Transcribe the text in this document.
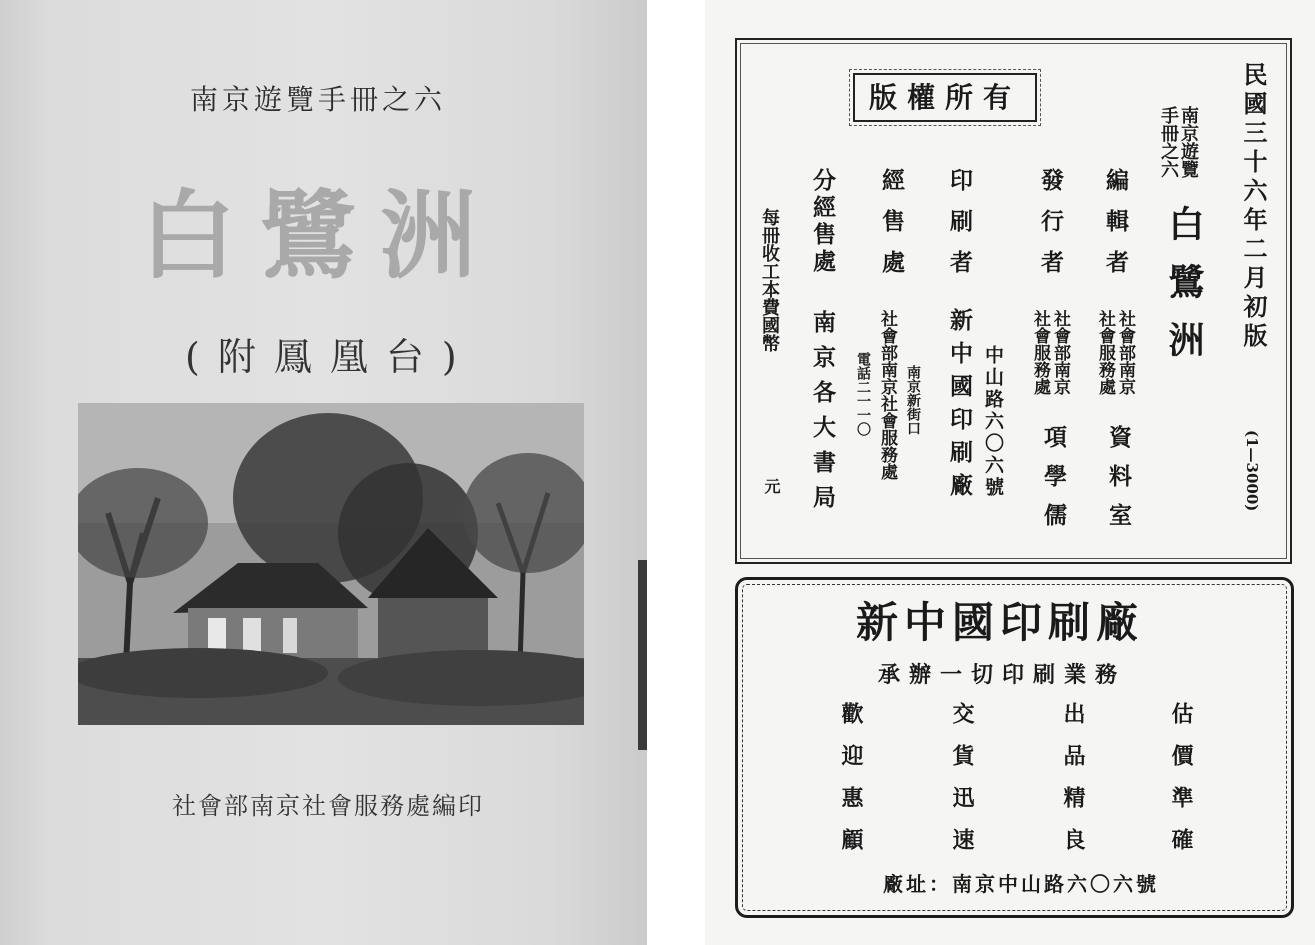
南京遊覽手冊之六
白鷺洲
(附鳳凰台)
社會部南京社會服務處編印
民國三十六年二月初版
(1—3000)
南京遊覽手冊之六
白鷺洲
版權所有
編輯者
社會部南京
社會服務處
資料室
發行者
社會部南京
社會服務處
項學儒
印刷者
新中國印刷廠 中山路六〇六號
經售處
社會部南京社會服務處 南京新街口
電話二一一〇
分經售處
南京各大書局
每冊收工本費國幣
元
新中國印刷廠
承辦一切印刷業務
估價準確
出品精良
交貨迅速
歡迎惠顧
廠址：南京中山路六〇六號
